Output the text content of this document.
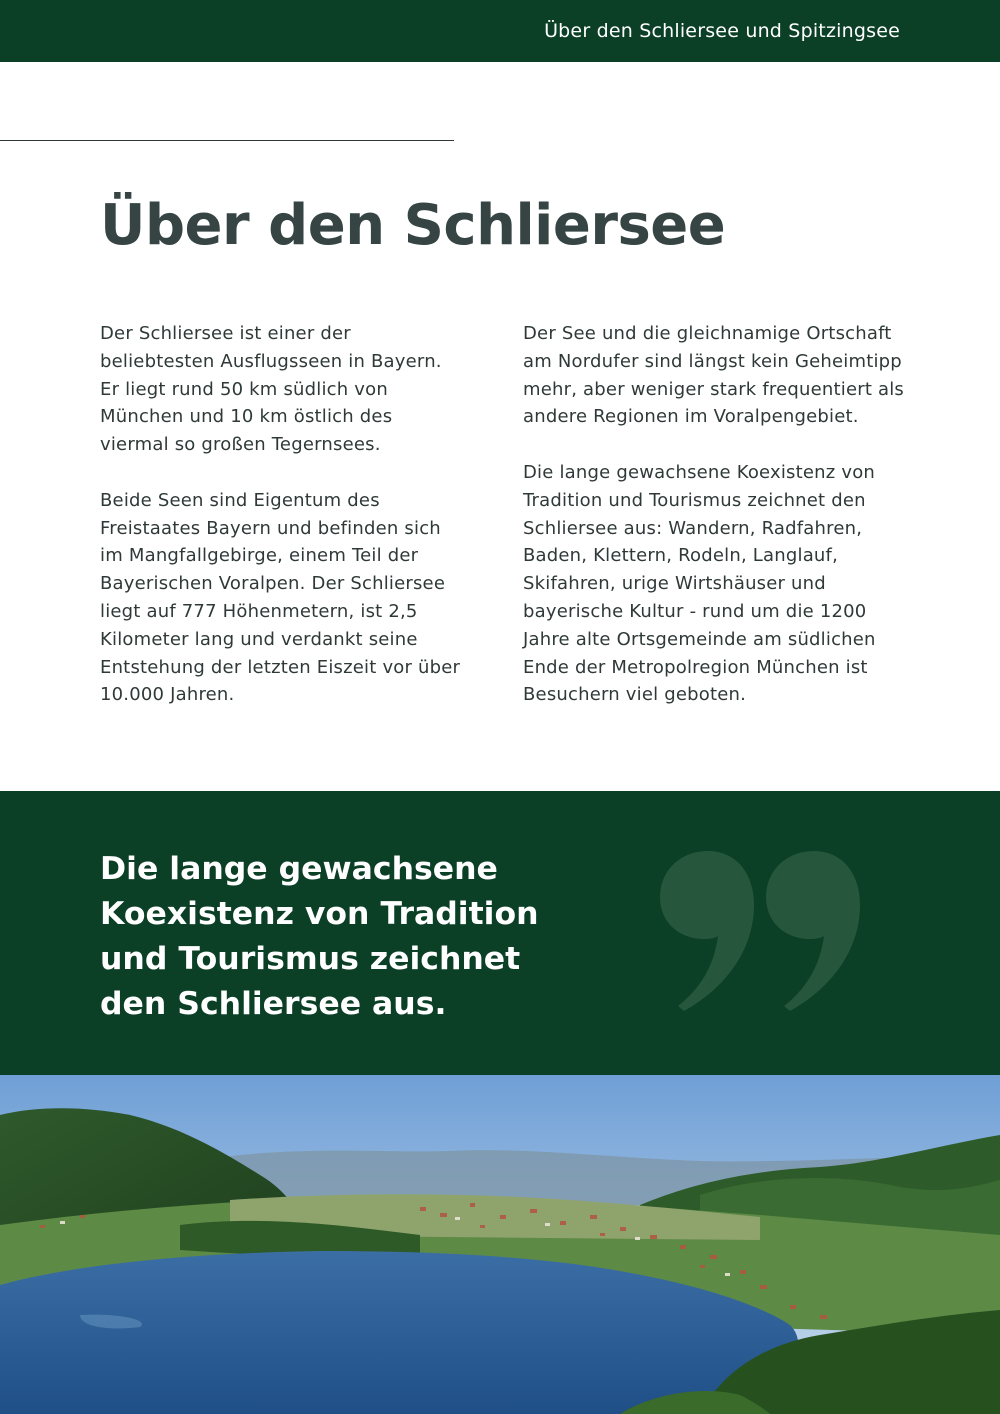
Über den Schliersee und Spitzingsee
Über den Schliersee

Der Schliersee ist einer der beliebtesten Ausflugsseen in Bayern. Er liegt rund 50 km südlich von München und 10 km östlich des viermal so großen Tegernsees.

Beide Seen sind Eigentum des Freistaates Bayern und befinden sich im Mangfallgebirge, einem Teil der Bayerischen Voralpen. Der Schliersee liegt auf 777 Höhenmetern, ist 2,5 Kilometer lang und verdankt seine Entstehung der letzten Eiszeit vor über 10.000 Jahren.

Der See und die gleichnamige Ortschaft am Nordufer sind längst kein Geheimtipp mehr, aber weniger stark frequentiert als andere Regionen im Voralpengebiet.

Die lange gewachsene Koexistenz von Tradition und Tourismus zeichnet den Schliersee aus: Wandern, Radfahren, Baden, Klettern, Rodeln, Langlauf, Skifahren, urige Wirtshäuser und bayerische Kultur - rund um die 1200 Jahre alte Ortsgemeinde am südlichen Ende der Metropolregion München ist Besuchern viel geboten.

Die lange gewachsene Koexistenz von Tradition und Tourismus zeichnet den Schliersee aus.
